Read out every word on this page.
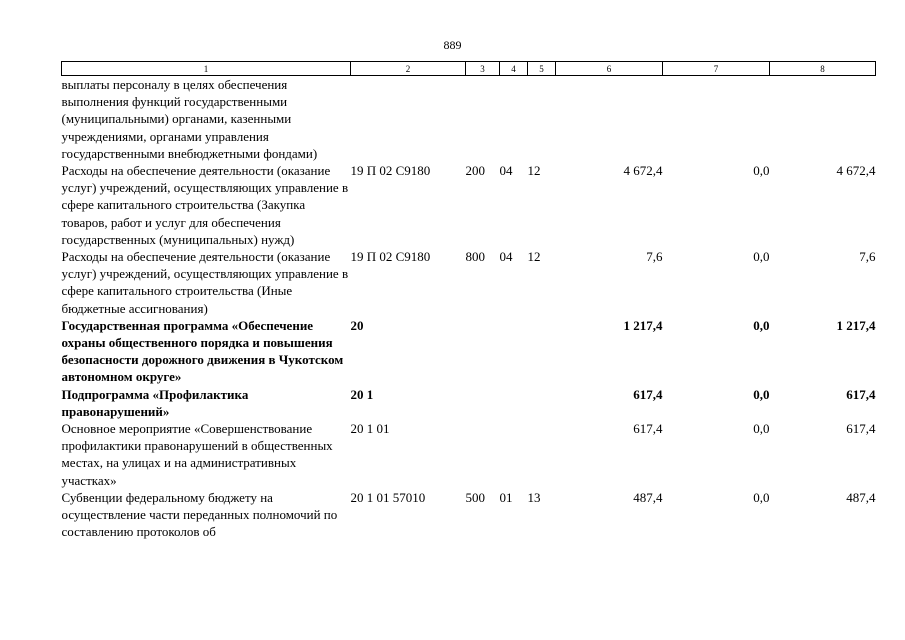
889
1	2	3	4	5	6	7	8
выплаты персоналу в целях обеспечения выполнения функций государственными (муниципальными) органами, казенными учреждениями, органами управления государственными внебюджетными фондами)							
Расходы на обеспечение деятельности (оказание услуг) учреждений, осуществляющих управление в сфере капитального строительства (Закупка товаров, работ и услуг для обеспечения государственных (муниципальных) нужд)	19 П 02 С9180	200	04	12	4 672,4	0,0	4 672,4
Расходы на обеспечение деятельности (оказание услуг) учреждений, осуществляющих управление в сфере капитального строительства (Иные бюджетные ассигнования)	19 П 02 С9180	800	04	12	7,6	0,0	7,6
Государственная программа «Обеспечение охраны общественного порядка и повышения безопасности дорожного движения в Чукотском автономном округе»	20				1 217,4	0,0	1 217,4
Подпрограмма «Профилактика правонарушений»	20 1				617,4	0,0	617,4
Основное мероприятие «Совершенствование профилактики правонарушений в общественных местах, на улицах и на административных участках»	20 1 01				617,4	0,0	617,4
Субвенции федеральному бюджету на осуществление части переданных полномочий по составлению протоколов об	20 1 01 57010	500	01	13	487,4	0,0	487,4
